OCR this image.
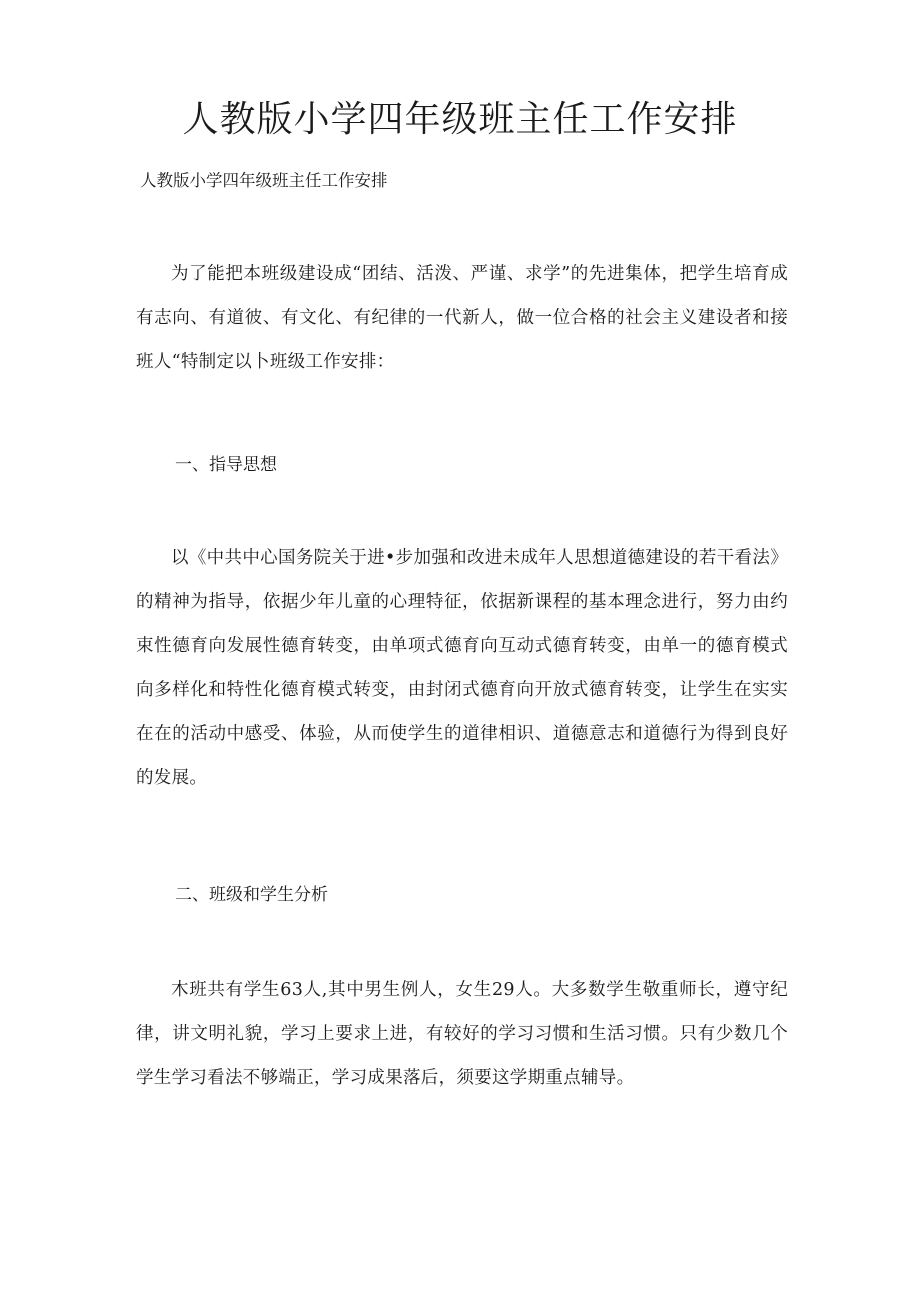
人教版小学四年级班主任工作安排

人教版小学四年级班主任工作安排

为了能把本班级建设成“团结、活泼、严谨、求学”的先进集体，把学生培育成有志向、有道彼、有文化、有纪律的一代新人，做一位合格的社会主义建设者和接班人“特制定以卜班级工作安排：

一、指导思想

以《中共中心国务院关于进•步加强和改进未成年人思想道德建设的若干看法》的精神为指导，依据少年儿童的心理特征，依据新课程的基本理念进行，努力由约束性德育向发展性德育转变，由单项式德育向互动式德育转变，由单一的德育模式向多样化和特性化德育模式转变，由封闭式德育向开放式德育转变，让学生在实实在在的活动中感受、体验，从而使学生的道律相识、道德意志和道德行为得到良好的发展。

二、班级和学生分析

木班共有学生63人,其中男生例人，女生29人。大多数学生敬重师长，遵守纪律，讲文明礼貌，学习上要求上进，有较好的学习习惯和生活习惯。只有少数几个学生学习看法不够端正，学习成果落后，须要这学期重点辅导。
